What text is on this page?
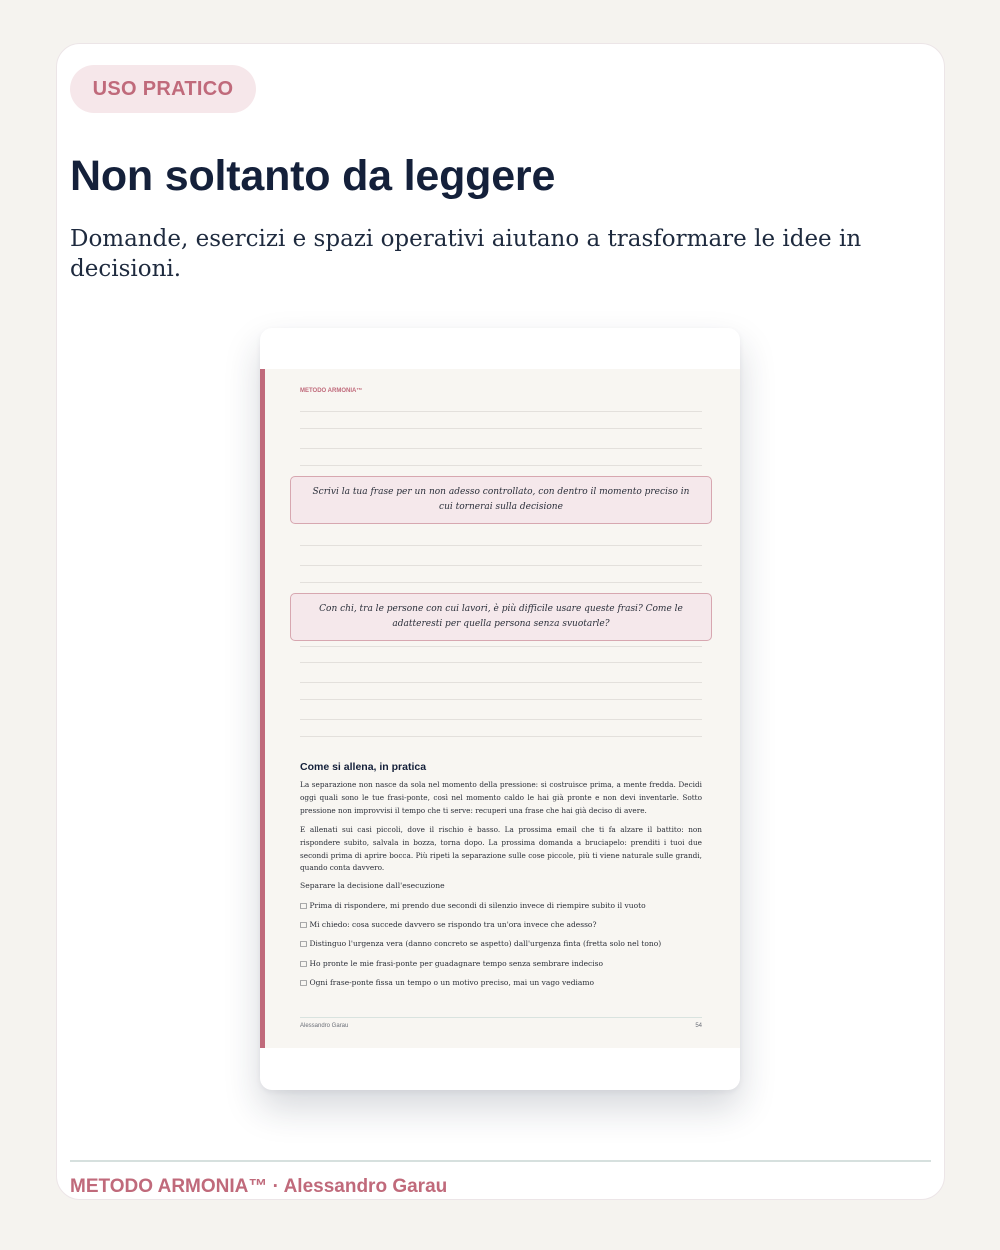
USO PRATICO
Non soltanto da leggere

Domande, esercizi e spazi operativi aiutano a trasformare le idee in decisioni.

METODO ARMONIA™
Scrivi la tua frase per un non adesso controllato, con dentro il momento preciso in cui tornerai sulla decisione
Con chi, tra le persone con cui lavori, è più difficile usare queste frasi? Come le adatteresti per quella persona senza svuotarle?
Come si allena, in pratica

La separazione non nasce da sola nel momento della pressione: si costruisce prima, a mente fredda. Decidi oggi quali sono le tue frasi-ponte, così nel momento caldo le hai già pronte e non devi inventarle. Sotto pressione non improvvisi il tempo che ti serve: recuperi una frase che hai già deciso di avere.

E allenati sui casi piccoli, dove il rischio è basso. La prossima email che ti fa alzare il battito: non rispondere subito, salvala in bozza, torna dopo. La prossima domanda a bruciapelo: prenditi i tuoi due secondi prima di aprire bocca. Più ripeti la separazione sulle cose piccole, più ti viene naturale sulle grandi, quando conta davvero.

Separare la decisione dall'esecuzione
□ Prima di rispondere, mi prendo due secondi di silenzio invece di riempire subito il vuoto
□ Mi chiedo: cosa succede davvero se rispondo tra un'ora invece che adesso?
□ Distinguo l'urgenza vera (danno concreto se aspetto) dall'urgenza finta (fretta solo nel tono)
□ Ho pronte le mie frasi-ponte per guadagnare tempo senza sembrare indeciso
□ Ogni frase-ponte fissa un tempo o un motivo preciso, mai un vago vediamo
Alessandro Garau	54
METODO ARMONIA™ · Alessandro Garau
